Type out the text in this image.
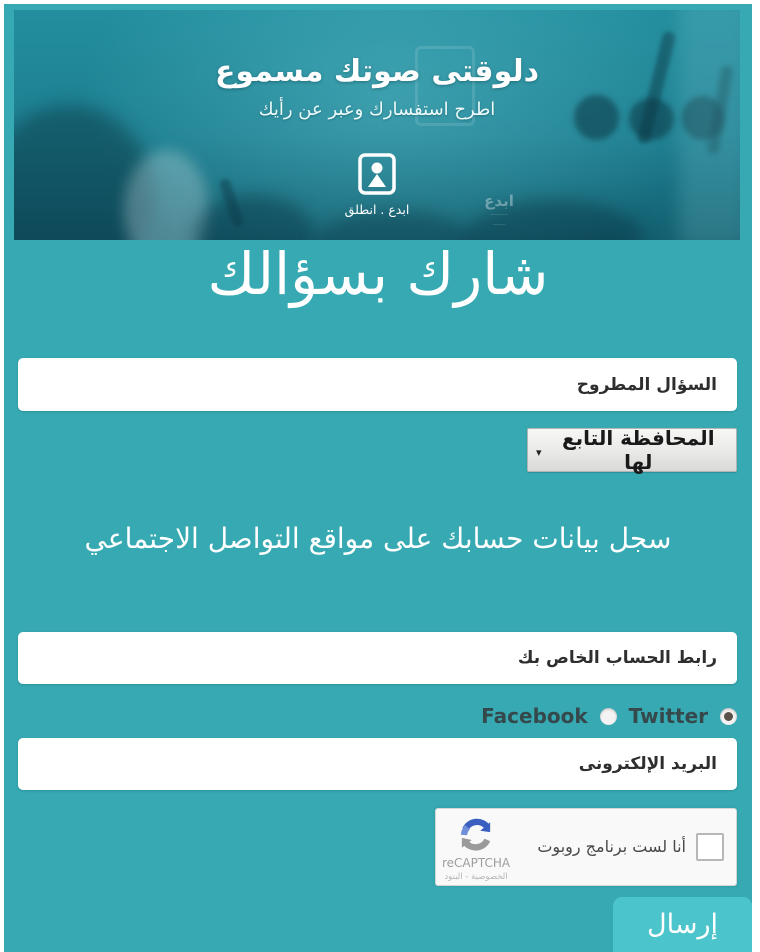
ابدع
―――
――
دلوقتى صوتك مسموع
اطرح استفسارك وعبر عن رأيك
ابدع . انطلق
شارك بسؤالك
السؤال المطروح
▾
المحافظة التابع لها
سجل بيانات حسابك على مواقع التواصل الاجتماعي
رابط الحساب الخاص بك
Facebook Twitter
البريد الإلكترونى
reCAPTCHA
الخصوصية - البنود
أنا لست برنامج روبوت
إرسال
